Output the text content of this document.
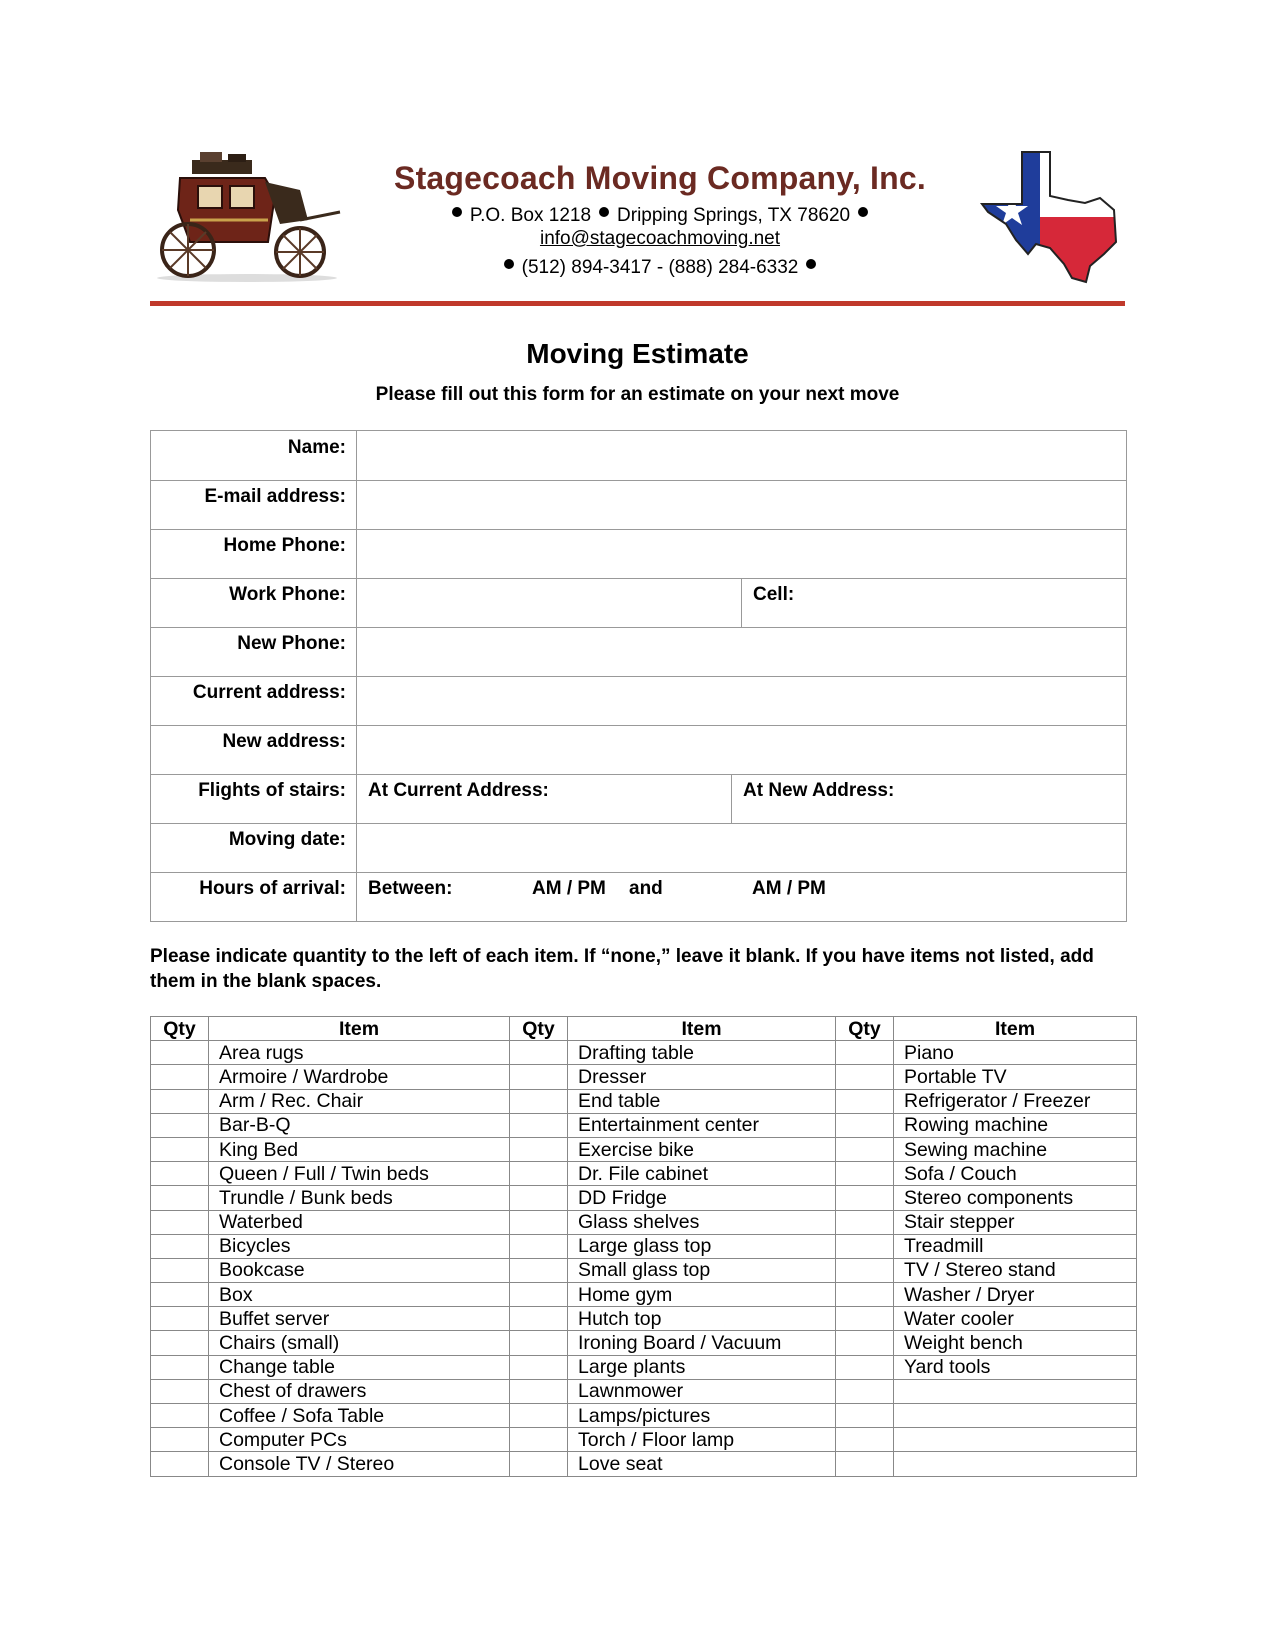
Stagecoach Moving Company, Inc.
P.O. Box 1218 Dripping Springs, TX 78620
info@stagecoachmoving.net
(512) 894-3417 - (888) 284-6332
Moving Estimate
Please fill out this form for an estimate on your next move
Name:
E-mail address:
Home Phone:
Work Phone:	Cell:
New Phone:
Current address:
New address:
Flights of stairs:	At Current Address:	At New Address:
Moving date:
Hours of arrival: Between:	AM / PM and	AM / PM
Please indicate quantity to the left of each item. If “none,” leave it blank. If you have items not listed, add them in the blank spaces.
Qty	Item	Qty	Item	Qty	Item
	Area rugs		Drafting table		Piano
	Armoire / Wardrobe		Dresser		Portable TV
	Arm / Rec. Chair		End table		Refrigerator / Freezer
	Bar-B-Q		Entertainment center		Rowing machine
	King Bed		Exercise bike		Sewing machine
	Queen / Full / Twin beds		Dr. File cabinet		Sofa / Couch
	Trundle / Bunk beds		DD Fridge		Stereo components
	Waterbed		Glass shelves		Stair stepper
	Bicycles		Large glass top		Treadmill
	Bookcase		Small glass top		TV / Stereo stand
	Box		Home gym		Washer / Dryer
	Buffet server		Hutch top		Water cooler
	Chairs (small)		Ironing Board / Vacuum		Weight bench
	Change table		Large plants		Yard tools
	Chest of drawers		Lawnmower		
	Coffee / Sofa Table		Lamps/pictures		
	Computer PCs		Torch / Floor lamp		
	Console TV / Stereo		Love seat		
